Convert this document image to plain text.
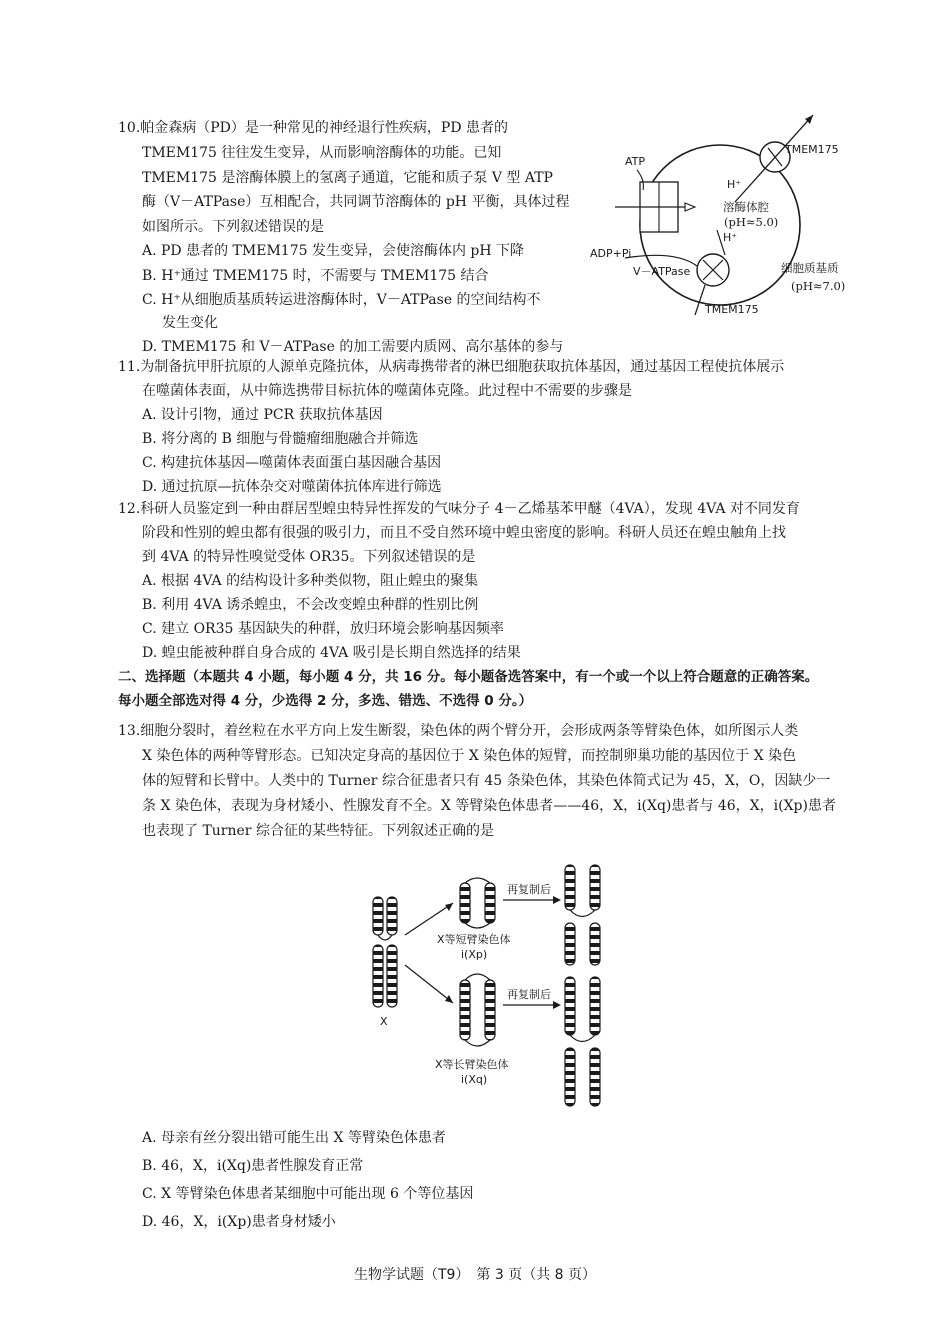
10.帕金森病（PD）是一种常见的神经退行性疾病，PD 患者的
TMEM175 往往发生变异，从而影响溶酶体的功能。已知
TMEM175 是溶酶体膜上的氢离子通道，它能和质子泵 V 型 ATP
酶（V－ATPase）互相配合，共同调节溶酶体的 pH 平衡，具体过程
如图所示。下列叙述错误的是
A. PD 患者的 TMEM175 发生变异，会使溶酶体内 pH 下降
B. H⁺通过 TMEM175 时，不需要与 TMEM175 结合
C. H⁺从细胞质基质转运进溶酶体时，V－ATPase 的空间结构不
发生变化
D. TMEM175 和 V－ATPase 的加工需要内质网、高尔基体的参与
TMEM175
H⁺
H⁺
ATP
ADP+Pi
V－ATPase
溶酶体腔
(pH≈5.0)
细胞质基质
(pH≈7.0)
TMEM175
11.为制备抗甲肝抗原的人源单克隆抗体，从病毒携带者的淋巴细胞获取抗体基因，通过基因工程使抗体展示
在噬菌体表面，从中筛选携带目标抗体的噬菌体克隆。此过程中不需要的步骤是
A. 设计引物，通过 PCR 获取抗体基因
B. 将分离的 B 细胞与骨髓瘤细胞融合并筛选
C. 构建抗体基因—噬菌体表面蛋白基因融合基因
D. 通过抗原—抗体杂交对噬菌体抗体库进行筛选
12.科研人员鉴定到一种由群居型蝗虫特异性挥发的气味分子 4－乙烯基苯甲醚（4VA），发现 4VA 对不同发育
阶段和性别的蝗虫都有很强的吸引力，而且不受自然环境中蝗虫密度的影响。科研人员还在蝗虫触角上找
到 4VA 的特异性嗅觉受体 OR35。下列叙述错误的是
A. 根据 4VA 的结构设计多种类似物，阻止蝗虫的聚集
B. 利用 4VA 诱杀蝗虫，不会改变蝗虫种群的性别比例
C. 建立 OR35 基因缺失的种群，放归环境会影响基因频率
D. 蝗虫能被种群自身合成的 4VA 吸引是长期自然选择的结果
二、选择题（本题共 4 小题，每小题 4 分，共 16 分。每小题备选答案中，有一个或一个以上符合题意的正确答案。
每小题全部选对得 4 分，少选得 2 分，多选、错选、不选得 0 分。）
13.细胞分裂时，着丝粒在水平方向上发生断裂，染色体的两个臂分开，会形成两条等臂染色体，如所图示人类
X 染色体的两种等臂形态。已知决定身高的基因位于 X 染色体的短臂，而控制卵巢功能的基因位于 X 染色
体的短臂和长臂中。人类中的 Turner 综合征患者只有 45 条染色体，其染色体简式记为 45，X，O，因缺少一
条 X 染色体，表现为身材矮小、性腺发育不全。X 等臂染色体患者——46，X，i(Xq)患者与 46，X，i(Xp)患者
也表现了 Turner 综合征的某些特征。下列叙述正确的是
X
X等短臂染色体
i(Xp)
再复制后
X等长臂染色体
i(Xq)
再复制后
A. 母亲有丝分裂出错可能生出 X 等臂染色体患者
B. 46，X，i(Xq)患者性腺发育正常
C. X 等臂染色体患者某细胞中可能出现 6 个等位基因
D. 46，X，i(Xp)患者身材矮小
生物学试题（T9）　第 3 页（共 8 页）
